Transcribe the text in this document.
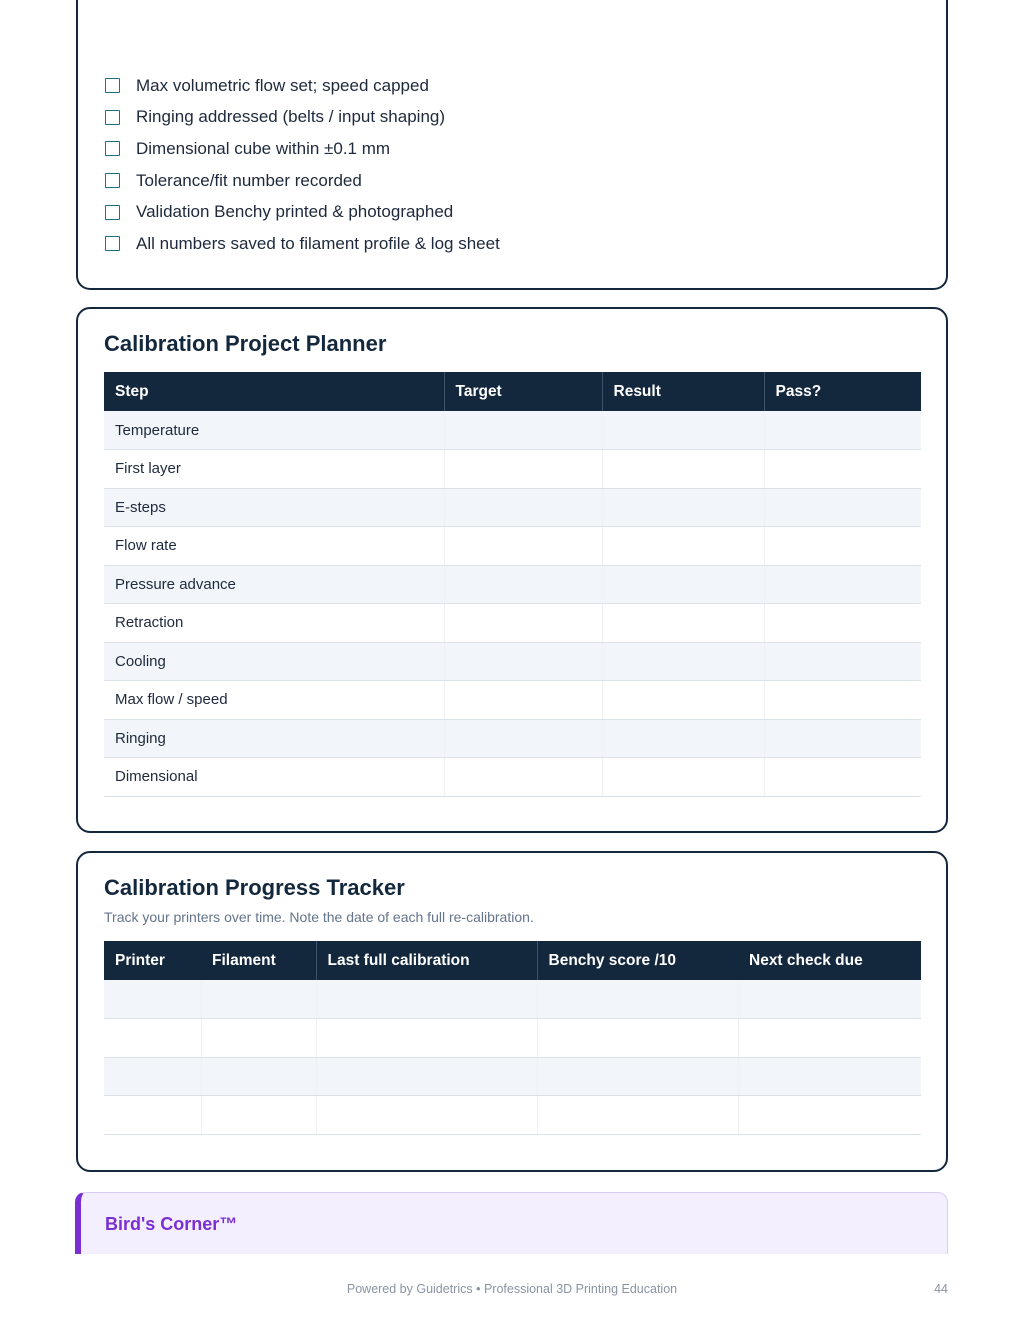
Max volumetric flow set; speed capped
Ringing addressed (belts / input shaping)
Dimensional cube within ±0.1 mm
Tolerance/fit number recorded
Validation Benchy printed & photographed
All numbers saved to filament profile & log sheet
Calibration Project Planner
Step	Target	Result	Pass?
Temperature			
First layer			
E-steps			
Flow rate			
Pressure advance			
Retraction			
Cooling			
Max flow / speed			
Ringing			
Dimensional			
Calibration Progress Tracker

Track your printers over time. Note the date of each full re-calibration.

Printer	Filament	Last full calibration	Benchy score /10	Next check due

Bird's Corner™
Powered by Guidetrics • Professional 3D Printing Education	44
